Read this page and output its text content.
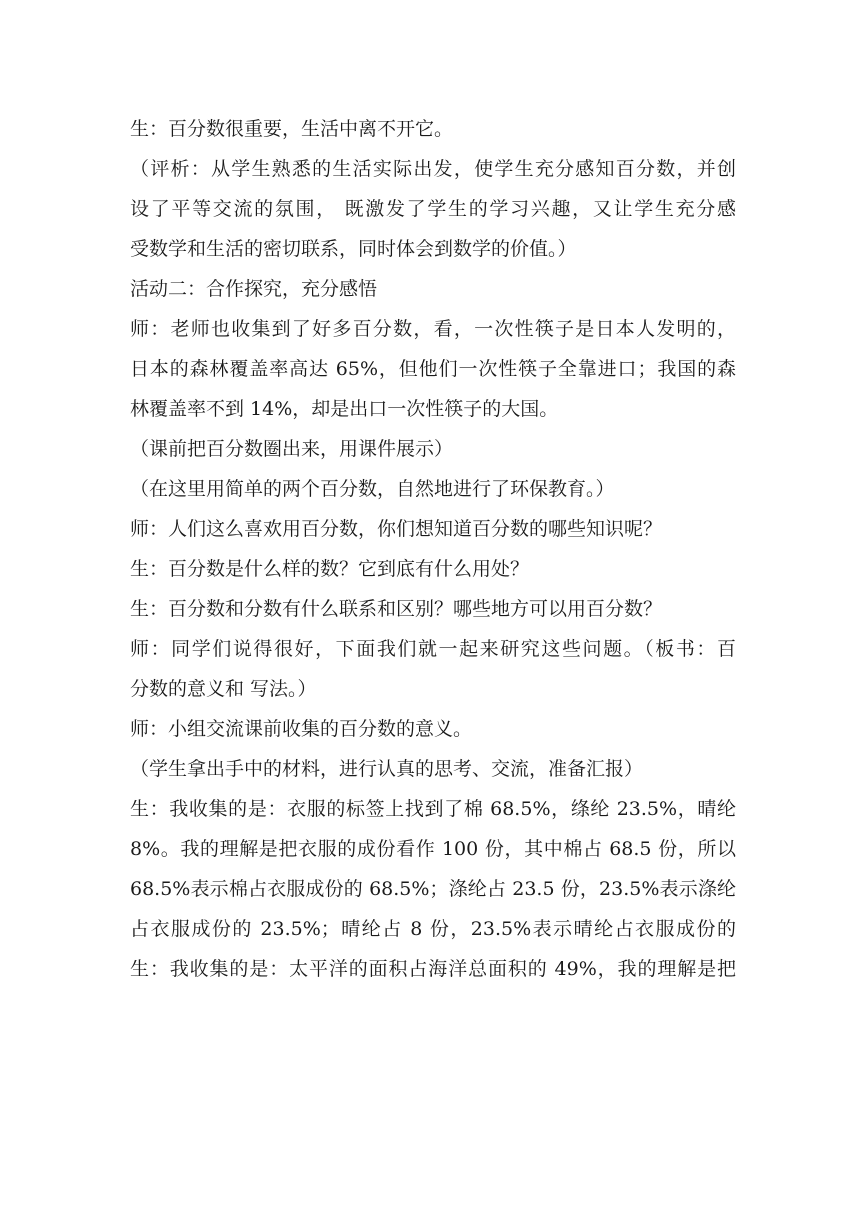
生：百分数很重要，生活中离不开它。
（评析：从学生熟悉的生活实际出发，使学生充分感知百分数，并创
设了平等交流的氛围， 既激发了学生的学习兴趣，又让学生充分感
受数学和生活的密切联系，同时体会到数学的价值。）
活动二：合作探究，充分感悟
师：老师也收集到了好多百分数，看，一次性筷子是日本人发明的，
日本的森林覆盖率高达 65%，但他们一次性筷子全靠进口；我国的森
林覆盖率不到 14%，却是出口一次性筷子的大国。
（课前把百分数圈出来，用课件展示）
（在这里用简单的两个百分数，自然地进行了环保教育。）
师：人们这么喜欢用百分数，你们想知道百分数的哪些知识呢？
生：百分数是什么样的数？它到底有什么用处？
生：百分数和分数有什么联系和区别？哪些地方可以用百分数？
师：同学们说得很好，下面我们就一起来研究这些问题。（板书：百
分数的意义和 写法。）
师：小组交流课前收集的百分数的意义。
（学生拿出手中的材料，进行认真的思考、交流，准备汇报）
生：我收集的是：衣服的标签上找到了棉 68.5%，绦纶 23.5%，晴纶
8%。我的理解是把衣服的成份看作 100 份，其中棉占 68.5 份，所以
68.5%表示棉占衣服成份的 68.5%；涤纶占 23.5 份，23.5%表示涤纶
占衣服成份的 23.5%；晴纶占 8 份，23.5%表示晴纶占衣服成份的
生：我收集的是：太平洋的面积占海洋总面积的 49%，我的理解是把
